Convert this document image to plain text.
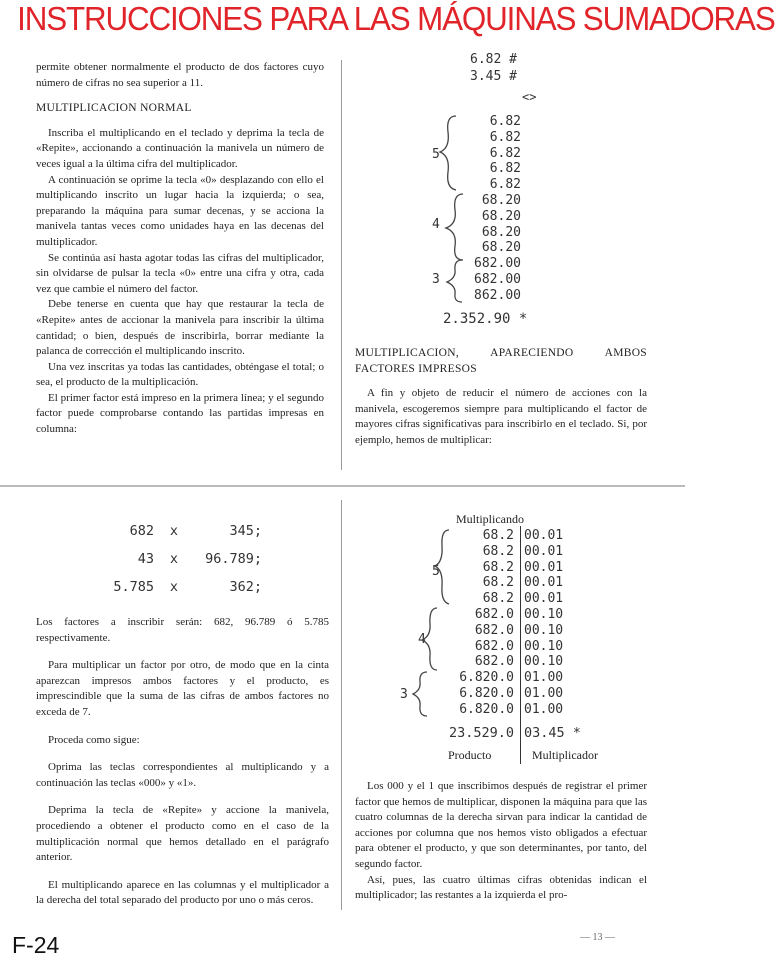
INSTRUCCIONES PARA LAS MÁQUINAS SUMADORAS

permite obtener normalmente el producto de dos factores cuyo número de cifras no sea superior a 11.

MULTIPLICACION NORMAL

Inscriba el multiplicando en el teclado y deprima la tecla de «Repite», accionando a continuación la manivela un número de veces igual a la última cifra del multiplicador.

A continuación se oprime la tecla «0» desplazando con ello el multiplicando inscrito un lugar hacia la izquierda; o sea, preparando la máquina para sumar decenas, y se acciona la manivela tantas veces como unidades haya en las decenas del multiplicador.

Se continúa así hasta agotar todas las cifras del multiplicador, sin olvidarse de pulsar la tecla «0» entre una cifra y otra, cada vez que cambie el número del factor.

Debe tenerse en cuenta que hay que restaurar la tecla de «Repite» antes de accionar la manivela para inscribir la última cantidad; o bien, después de inscribirla, borrar mediante la palanca de corrección el multiplicando inscrito.

Una vez inscritas ya todas las cantidades, obténgase el total; o sea, el producto de la multiplicación.

El primer factor está impreso en la primera línea; y el segundo factor puede comprobarse contando las partidas impresas en columna:

6.82 #
3.45 #
<>
6.82
6.82
6.82
6.82
6.82
68.20
68.20
68.20
68.20
682.00
682.00
862.00
5
4
3
2.352.90 *
MULTIPLICACION, APARECIENDO AMBOS FACTORES IMPRESOS

A fin y objeto de reducir el número de acciones con la manivela, escogeremos siempre para multiplicando el factor de mayores cifras significativas para inscribirlo en el teclado. Si, por ejemplo, hemos de multiplicar:

682 x	345;
43 x 96.789;
5.785 x	362;

Los factores a inscribir serán: 682, 96.789 ó 5.785 respectivamente.

Para multiplicar un factor por otro, de modo que en la cinta aparezcan impresos ambos factores y el producto, es imprescindible que la suma de las cifras de ambos factores no exceda de 7.

Proceda como sigue:

Oprima las teclas correspondientes al multiplicando y a continuación las teclas «000» y «1».

Deprima la tecla de «Repite» y accione la manivela, procediendo a obtener el producto como en el caso de la multiplicación normal que hemos detallado en el parágrafo anterior.

El multiplicando aparece en las columnas y el multiplicador a la derecha del total separado del producto por uno o más ceros.

Multiplicando
68.2 00.01
68.2 00.01
68.2 00.01
68.2 00.01
68.2 00.01
682.0 00.10
682.0 00.10
682.0 00.10
682.0 00.10
6.820.0 01.00
6.820.0 01.00
6.820.0 01.00
5
4
3
23.529.0 03.45 *
Producto	Multiplicador

Los 000 y el 1 que inscribimos después de registrar el primer factor que hemos de multiplicar, disponen la máquina para que las cuatro columnas de la derecha sirvan para indicar la cantidad de acciones por columna que nos hemos visto obligados a efectuar para obtener el producto, y que son determinantes, por tanto, del segundo factor.

Así, pues, las cuatro últimas cifras obtenidas indican el multiplicador; las restantes a la izquierda el pro-

F-24	— 13 —
